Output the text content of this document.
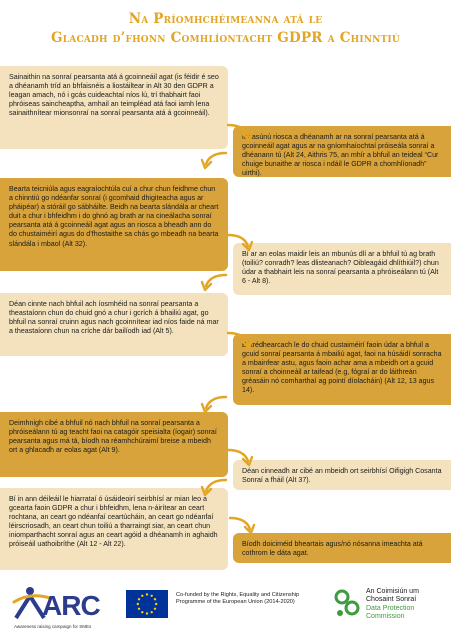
Na Príomhchéimeanna atá le
Glacadh d’fhonn Comhlíontacht GDPR a Chinntiú
Sainaithin na sonraí pearsanta atá á gcoinneáil agat (is féidir é seo a dhéanamh tríd an bhfaisnéis a liostáiltear in Alt 30 den GDPR a leagan amach, nó i gcás cuideachtaí níos lú, trí thabhairt faoi phróiseas saincheaptha, amhail an teimpléad atá faoi iamh lena sainaithnítear mionsonraí na sonraí pearsanta atá á gcoinneáil).
Measúnú riosca a dhéanamh ar na sonraí pearsanta atá á gcoinneáil agat agus ar na gníomhaíochtaí próiseála sonraí a dhéanann tú (Alt 24, Aithris 75, an mhír a bhfuil an teideal “Cur chuige bunaithe ar riosca i ndáil le GDPR a chomhlíonadh” uirthi).
Bearta teicniúla agus eagraíochtúla cuí a chur chun feidhme chun a chinntiú go ndéanfar sonraí (i gcomhaid dhigiteacha agus ar pháipéar) a stóráil go sábháilte. Beidh na bearta slándála ar cheart duit a chur i bhfeidhm i do ghnó ag brath ar na cineálacha sonraí pearsanta atá á gcoinneáil agat agus an riosca a bheadh ann do do chustaiméirí agus do d’fhostaithe sa chás go mbeadh na bearta slándála i mbaol (Alt 32).
Bí ar an eolas maidir leis an mbunús dlí ar a bhfuil tú ag brath (toiliú? conradh? leas dlisteanach? Oibleagáid dhlíthiúil?) chun údar a thabhairt leis na sonraí pearsanta a phróiseálann tú (Alt 6 - Alt 8).
Déan cinnte nach bhfuil ach íosmhéid na sonraí pearsanta a theastaíonn chun do chuid gnó a chur i gcrích á bhailiú agat, go bhfuil na sonraí cruinn agus nach gcoinnítear iad níos faide ná mar a theastaíonn chun na críche dár bailíodh iad (Alt 5).
Bí trédhearcach le do chuid custaiméirí faoin údar a bhfuil a gcuid sonraí pearsanta á mbailiú agat, faoi na húsáidí sonracha a mbainfear astu, agus faoin achar ama a mbeidh ort a gcuid sonraí a choinneáil ar taifead (e.g, fógraí ar do láithreán gréasáin nó comharthaí ag pointí díolacháin) (Alt 12, 13 agus 14).
Deimhnigh cibé a bhfuil nó nach bhfuil na sonraí pearsanta a phróiseálann tú ag teacht faoi na catagóir speisialta (íogair) sonraí pearsanta agus má tá, bíodh na réamhchúraimí breise a mbeidh ort a ghlacadh ar eolas agat (Alt 9).
Déan cinneadh ar cibé an mbeidh ort seirbhísí Oifigigh Cosanta Sonraí a fháil (Alt 37).
Bí in ann déileáil le hiarrataí ó úsáideoirí seirbhísí ar mian leo a gcearta faoin GDPR a chur i bhfeidhm, lena n-áirítear an ceart rochtana, an ceart go ndéanfaí ceartúcháin, an ceart go ndéanfaí léirscriosadh, an ceart chun toiliú a tharraingt siar, an ceart chun iniomparthacht sonraí agus an ceart agóid a dhéanamh in aghaidh próiseáil uathoibríthe (Alt 12 - Alt 22).	Bíodh doiciméid bheartais agus/nó nósanna imeachta atá cothrom le dáta agat.
ARC
Awareness raising campaign for SMEs
Co-funded by the Rights, Equality and Citizenship Programme of the European Union (2014-2020)
An Coimisiún um
Chosaint Sonraí
Data Protection
Commission
